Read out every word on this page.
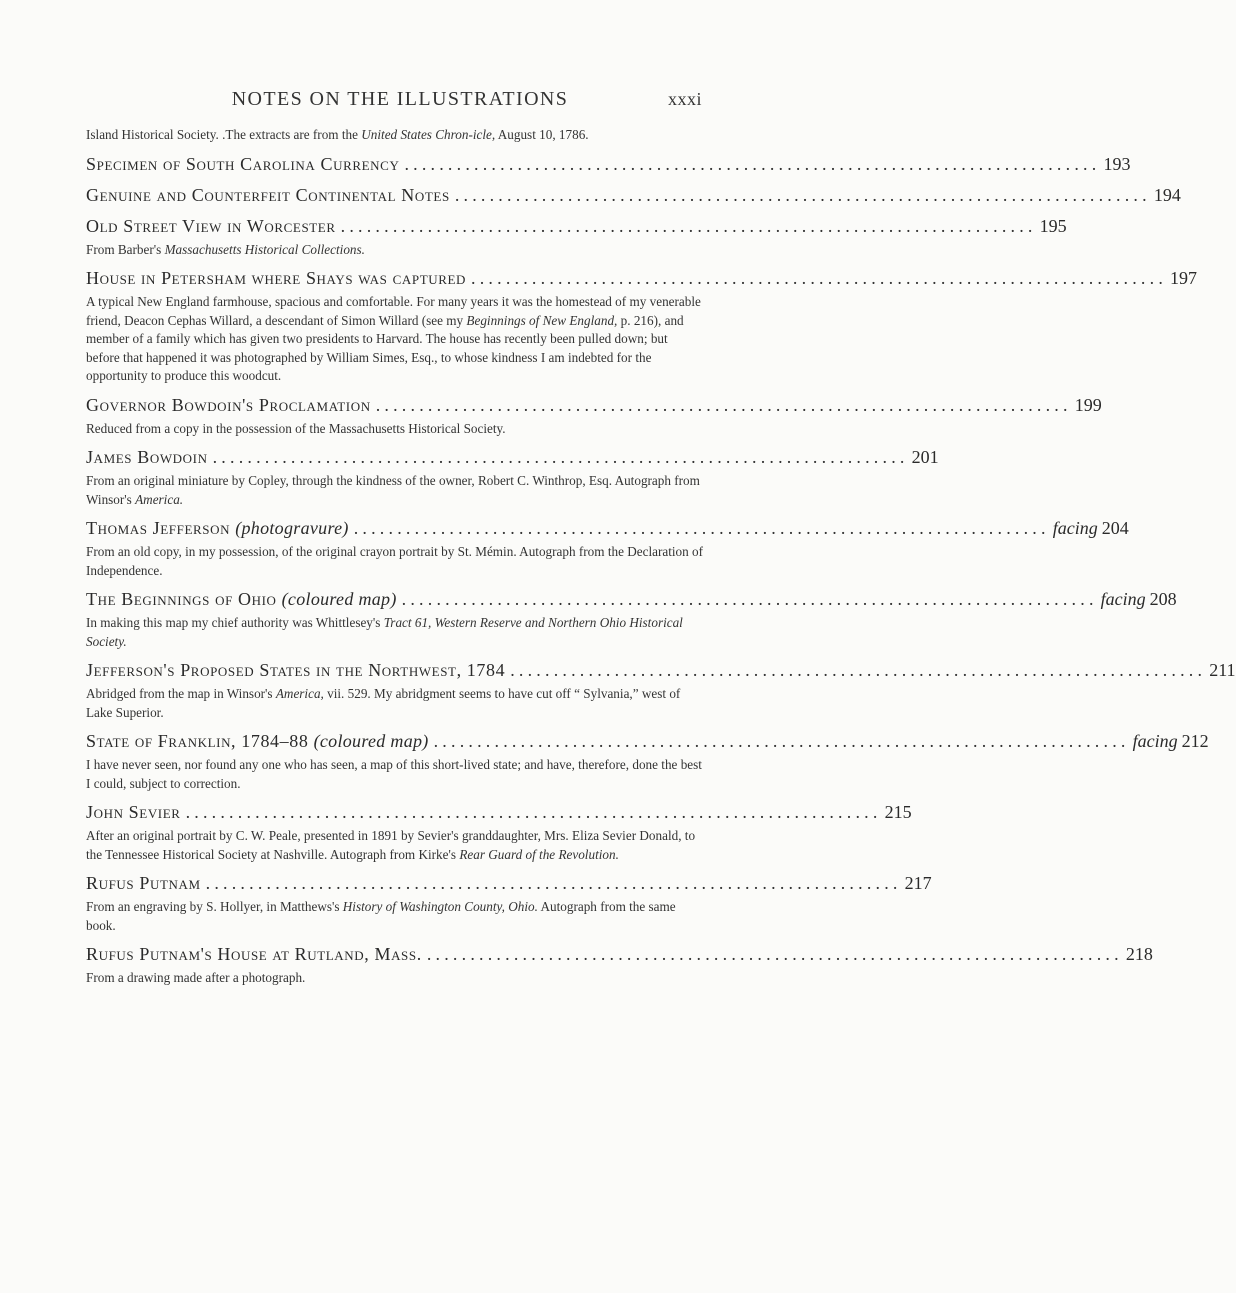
NOTES ON THE ILLUSTRATIONS	xxxi

Island Historical Society. .The extracts are from the United States Chron-icle, August 10, 1786.

Specimen of South Carolina Currency ................................................................................ 193
Genuine and Counterfeit Continental Notes ................................................................................ 194
Old Street View in Worcester ................................................................................ 195

From Barber's Massachusetts Historical Collections.

House in Petersham where Shays was captured ................................................................................ 197

A typical New England farmhouse, spacious and comfortable. For many years it was the homestead of my venerable friend, Deacon Cephas Willard, a descendant of Simon Willard (see my Beginnings of New England, p. 216), and member of a family which has given two presidents to Harvard. The house has recently been pulled down; but before that happened it was photographed by William Simes, Esq., to whose kindness I am indebted for the opportunity to produce this woodcut.

Governor Bowdoin's Proclamation ................................................................................ 199

Reduced from a copy in the possession of the Massachusetts Historical Society.

James Bowdoin ................................................................................ 201

From an original miniature by Copley, through the kindness of the owner, Robert C. Winthrop, Esq. Autograph from Winsor's America.

Thomas Jefferson (photogravure) ................................................................................ facing 204

From an old copy, in my possession, of the original crayon portrait by St. Mémin. Autograph from the Declaration of Independence.

The Beginnings of Ohio (coloured map) ................................................................................ facing 208

In making this map my chief authority was Whittlesey's Tract 61, Western Reserve and Northern Ohio Historical Society.

Jefferson's Proposed States in the Northwest, 1784 ................................................................................ 211

Abridged from the map in Winsor's America, vii. 529. My abridgment seems to have cut off “ Sylvania,” west of Lake Superior.

State of Franklin, 1784–88 (coloured map) ................................................................................ facing 212

I have never seen, nor found any one who has seen, a map of this short-lived state; and have, therefore, done the best I could, subject to correction.

John Sevier ................................................................................ 215

After an original portrait by C. W. Peale, presented in 1891 by Sevier's granddaughter, Mrs. Eliza Sevier Donald, to the Tennessee Historical Society at Nashville. Autograph from Kirke's Rear Guard of the Revolution.

Rufus Putnam ................................................................................ 217

From an engraving by S. Hollyer, in Matthews's History of Washington County, Ohio. Autograph from the same book.

Rufus Putnam's House at Rutland, Mass. ................................................................................ 218

From a drawing made after a photograph.
